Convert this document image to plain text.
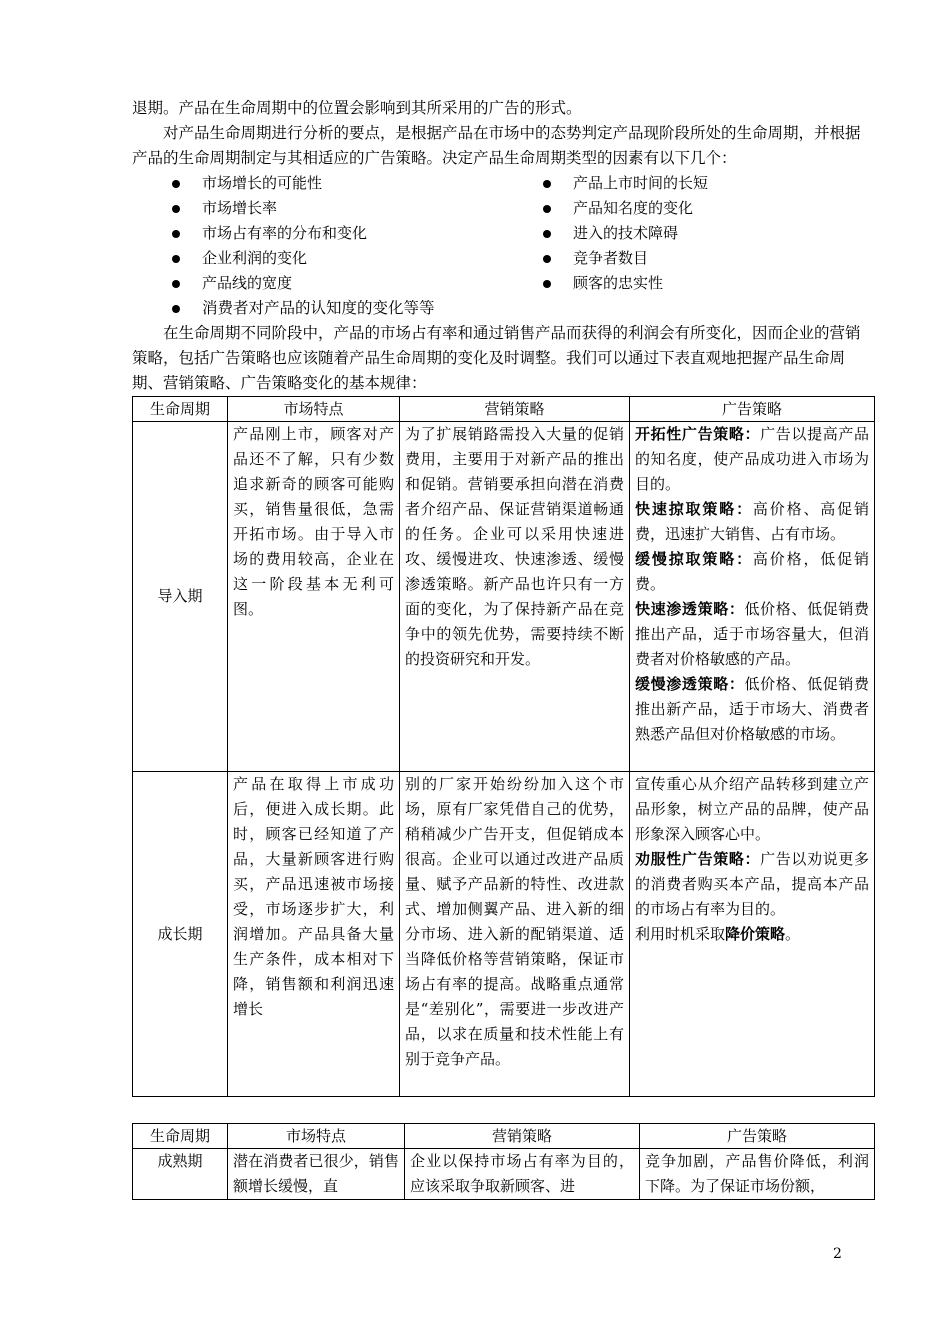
退期。产品在生命周期中的位置会影响到其所采用的广告的形式。

对产品生命周期进行分析的要点，是根据产品在市场中的态势判定产品现阶段所处的生命周期，并根据产品的生命周期制定与其相适应的广告策略。决定产品生命周期类型的因素有以下几个：

市场增长的可能性
市场增长率
市场占有率的分布和变化
企业利润的变化
产品线的宽度
消费者对产品的认知度的变化等等
产品上市时间的长短
产品知名度的变化
进入的技术障碍
竞争者数目
顾客的忠实性

在生命周期不同阶段中，产品的市场占有率和通过销售产品而获得的利润会有所变化，因而企业的营销策略，包括广告策略也应该随着产品生命周期的变化及时调整。我们可以通过下表直观地把握产品生命周期、营销策略、广告策略变化的基本规律：

生命周期	市场特点	营销策略	广告策略
导入期	产品刚上市，顾客对产品还不了解，只有少数追求新奇的顾客可能购买，销售量很低，急需开拓市场。由于导入市场的费用较高，企业在这一阶段基本无利可图。	为了扩展销路需投入大量的促销费用，主要用于对新产品的推出和促销。营销要承担向潜在消费者介绍产品、保证营销渠道畅通的任务。企业可以采用快速进攻、缓慢进攻、快速渗透、缓慢渗透策略。新产品也许只有一方面的变化，为了保持新产品在竞争中的领先优势，需要持续不断的投资研究和开发。	开拓性广告策略：广告以提高产品的知名度，使产品成功进入市场为目的。
快速掠取策略：高价格、高促销费，迅速扩大销售、占有市场。
缓慢掠取策略：高价格，低促销费。
快速渗透策略：低价格、低促销费推出产品，适于市场容量大，但消费者对价格敏感的产品。
缓慢渗透策略：低价格、低促销费推出新产品，适于市场大、消费者熟悉产品但对价格敏感的市场。

成长期	产品在取得上市成功后，便进入成长期。此时，顾客已经知道了产品，大量新顾客进行购买，产品迅速被市场接受，市场逐步扩大，利润增加。产品具备大量生产条件，成本相对下降，销售额和利润迅速增长	别的厂家开始纷纷加入这个市场，原有厂家凭借自己的优势，稍稍减少广告开支，但促销成本很高。企业可以通过改进产品质量、赋予产品新的特性、改进款式、增加侧翼产品、进入新的细分市场、进入新的配销渠道、适当降低价格等营销策略，保证市场占有率的提高。战略重点通常是“差别化”，需要进一步改进产品，以求在质量和技术性能上有别于竞争产品。	宣传重心从介绍产品转移到建立产品形象，树立产品的品牌，使产品形象深入顾客心中。
劝服性广告策略：广告以劝说更多的消费者购买本产品，提高本产品的市场占有率为目的。
利用时机采取降价策略。
生命周期	市场特点	营销策略	广告策略
成熟期	潜在消费者已很少，销售额增长缓慢，直	企业以保持市场占有率为目的，应该采取争取新顾客、进	竞争加剧，产品售价降低，利润下降。为了保证市场份额，
2
